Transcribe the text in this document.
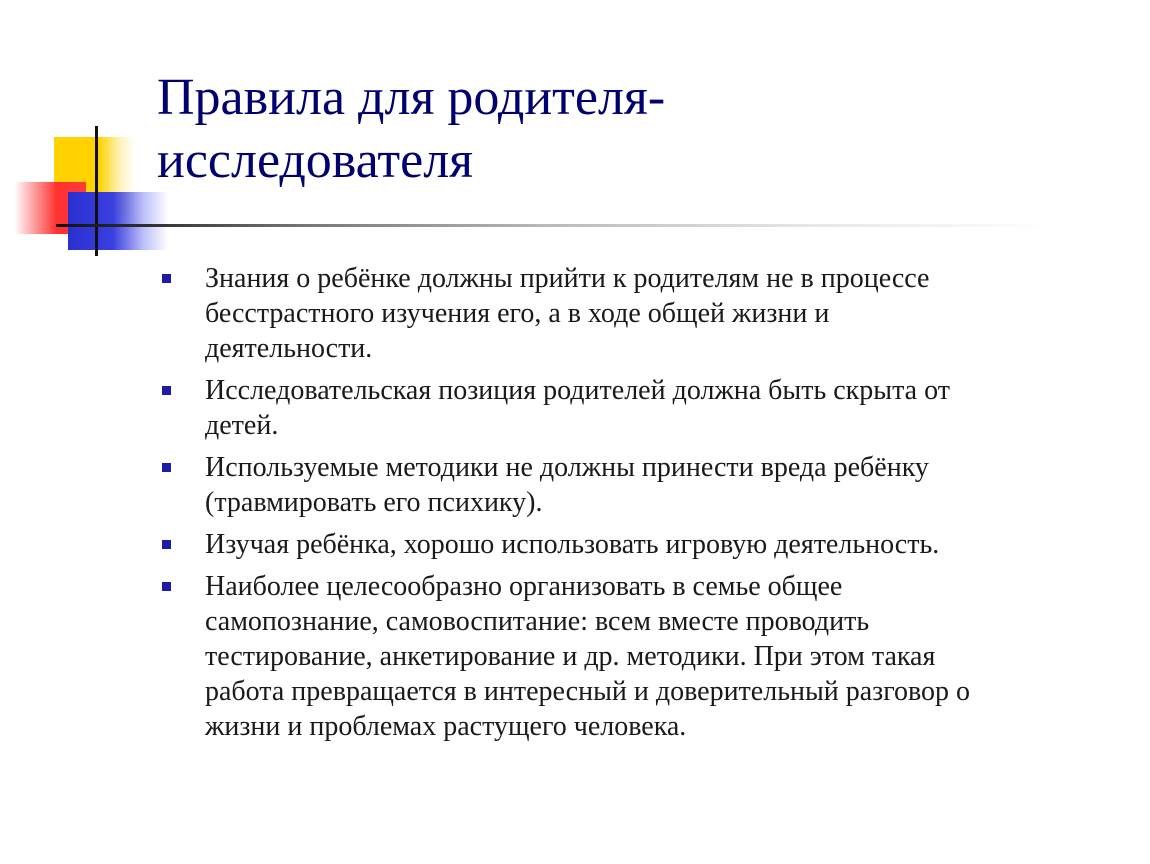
Правила для родителя-
исследователя
Знания о ребёнке должны прийти к родителям не в процессе
бесстрастного изучения его, а в ходе общей жизни и
деятельности.
Исследовательская позиция родителей должна быть скрыта от
детей.
Используемые методики не должны принести вреда ребёнку
(травмировать его психику).
Изучая ребёнка, хорошо использовать игровую деятельность.
Наиболее целесообразно организовать в семье общее
самопознание, самовоспитание: всем вместе проводить
тестирование, анкетирование и др. методики. При этом такая
работа превращается в интересный и доверительный разговор о
жизни и проблемах растущего человека.
